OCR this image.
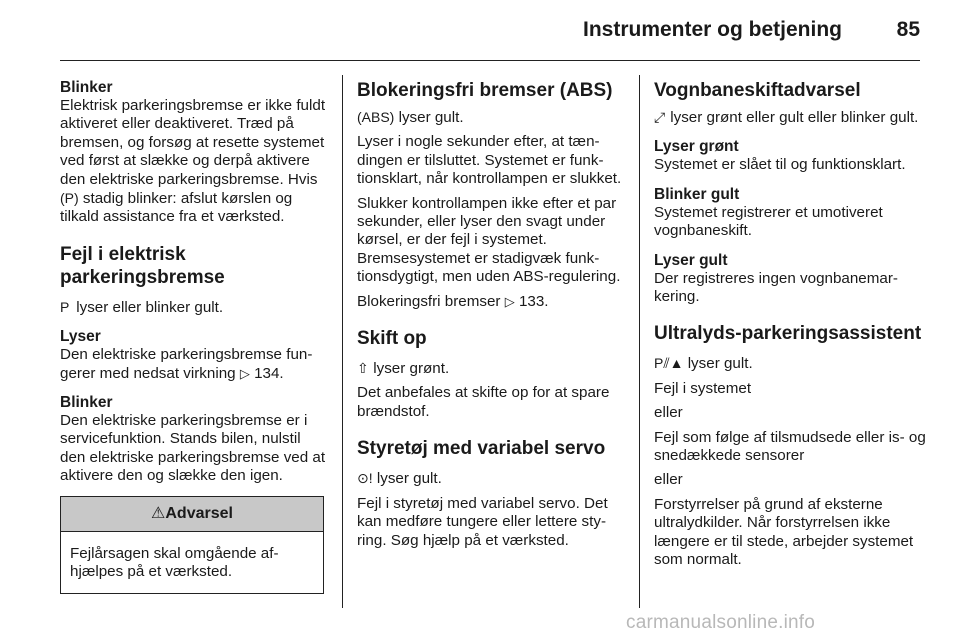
Instrumenter og betjening	85
Blinker
Elektrisk parkeringsbremse er ikke fuldt aktiveret eller deaktiveret. Træd på bremsen, og forsøg at resette systemet ved først at slække og derpå aktivere den elektriske parkeringsbremse. Hvis (P) stadig blinker: afslut kørslen og tilkald assistance fra et værksted.
Fejl i elektrisk parkeringsbremse
P lyser eller blinker gult.
Lyser
Den elektriske parkeringsbremse fungerer med nedsat virkning ▷ 134.
Blinker
Den elektriske parkeringsbremse er i servicefunktion. Stands bilen, nulstil den elektriske parkeringsbremse ved at aktivere den og slække den igen.
⚠Advarsel
Fejlårsagen skal omgående afhjælpes på et værksted.
Blokeringsfri bremser (ABS)
(ABS) lyser gult.
Lyser i nogle sekunder efter, at tændingen er tilsluttet. Systemet er funktionsklart, når kontrollampen er slukket.
Slukker kontrollampen ikke efter et par sekunder, eller lyser den svagt under kørsel, er der fejl i systemet. Bremsesystemet er stadigvæk funktionsdygtigt, men uden ABS-regulering.
Blokeringsfri bremser ▷ 133.
Skift op
⇧ lyser grønt.
Det anbefales at skifte op for at spare brændstof.
Styretøj med variabel servo
⊙! lyser gult.
Fejl i styretøj med variabel servo. Det kan medføre tungere eller lettere styring. Søg hjælp på et værksted.
Vognbaneskiftadvarsel
⤢ lyser grønt eller gult eller blinker gult.
Lyser grønt
Systemet er slået til og funktionsklart.
Blinker gult
Systemet registrerer et umotiveret vognbaneskift.
Lyser gult
Der registreres ingen vognbanemarkering.
Ultralyds-parkeringsassistent
P⫽▲ lyser gult.
Fejl i systemet
eller
Fejl som følge af tilsmudsede eller is- og snedækkede sensorer
eller
Forstyrrelser på grund af eksterne ultralydkilder. Når forstyrrelsen ikke længere er til stede, arbejder systemet som normalt.
carmanualsonline.info
